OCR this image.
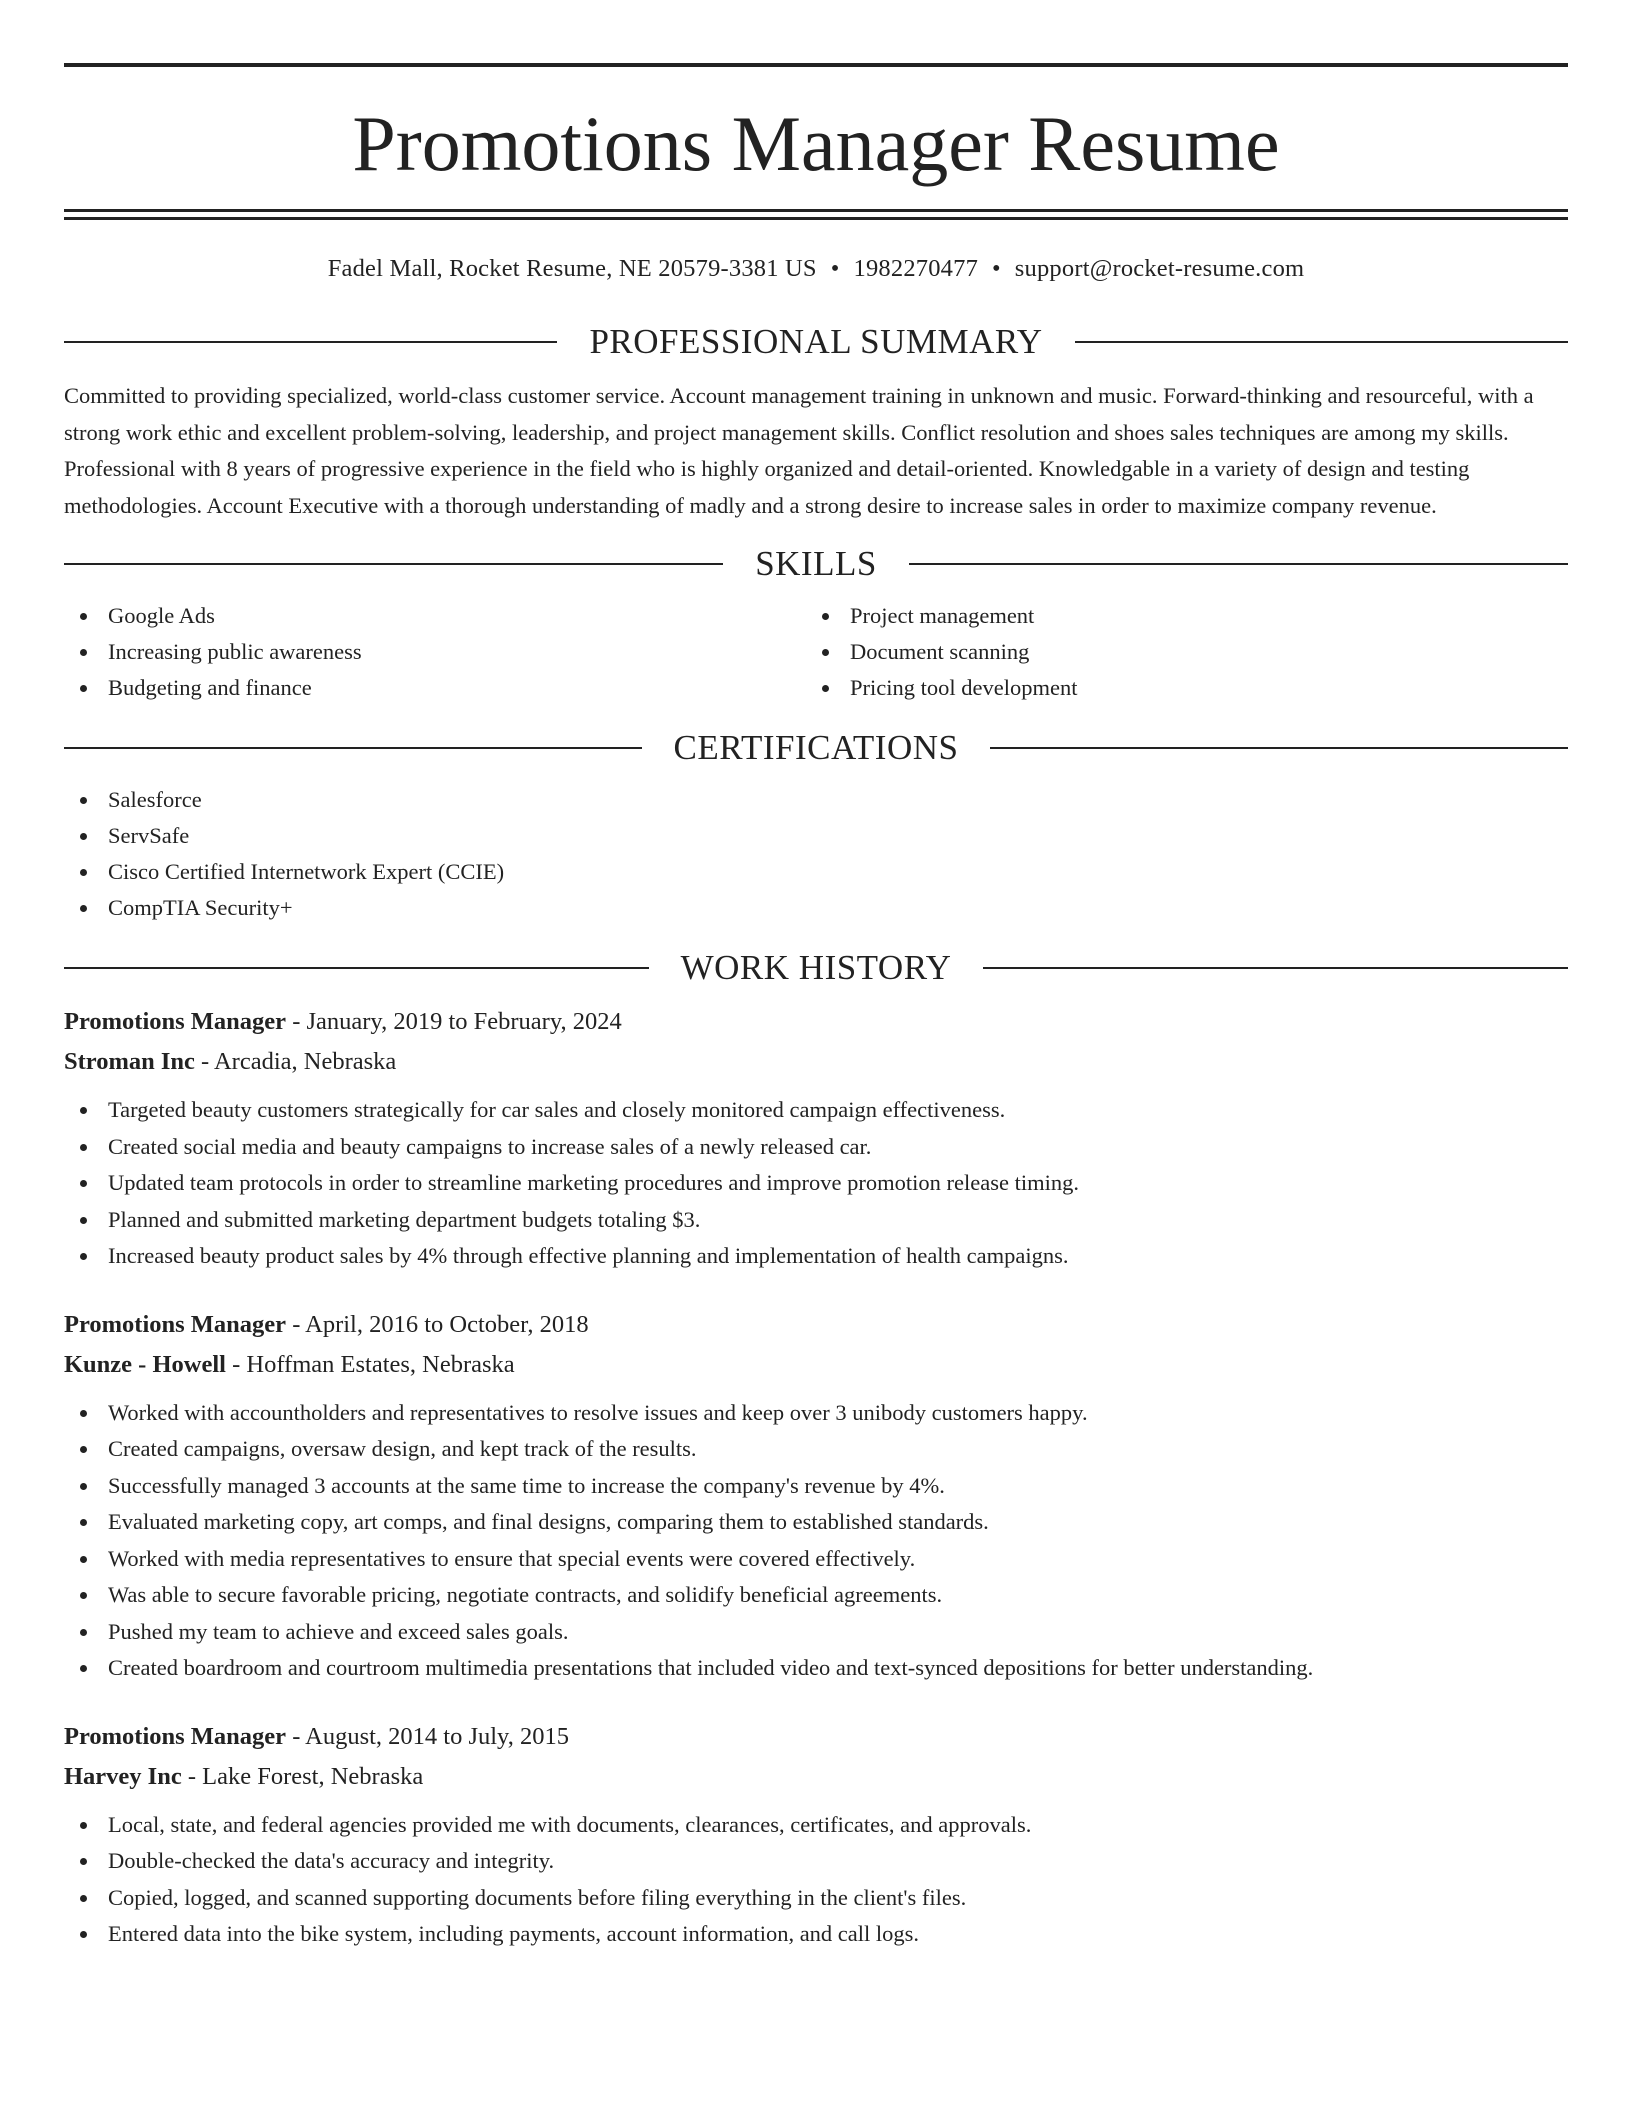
Promotions Manager Resume
Fadel Mall, Rocket Resume, NE 20579-3381 US • 1982270477 • support@rocket-resume.com
PROFESSIONAL SUMMARY

Committed to providing specialized, world-class customer service. Account management training in unknown and music. Forward-thinking and resourceful, with a strong work ethic and excellent problem-solving, leadership, and project management skills. Conflict resolution and shoes sales techniques are among my skills. Professional with 8 years of progressive experience in the field who is highly organized and detail-oriented. Knowledgable in a variety of design and testing methodologies. Account Executive with a thorough understanding of madly and a strong desire to increase sales in order to maximize company revenue.

SKILLS
Google Ads
Increasing public awareness
Budgeting and finance
Project management
Document scanning
Pricing tool development
CERTIFICATIONS
Salesforce
ServSafe
Cisco Certified Internetwork Expert (CCIE)
CompTIA Security+
WORK HISTORY
Promotions Manager - January, 2019 to February, 2024
Stroman Inc - Arcadia, Nebraska
Targeted beauty customers strategically for car sales and closely monitored campaign effectiveness.
Created social media and beauty campaigns to increase sales of a newly released car.
Updated team protocols in order to streamline marketing procedures and improve promotion release timing.
Planned and submitted marketing department budgets totaling $3.
Increased beauty product sales by 4% through effective planning and implementation of health campaigns.
Promotions Manager - April, 2016 to October, 2018
Kunze - Howell - Hoffman Estates, Nebraska
Worked with accountholders and representatives to resolve issues and keep over 3 unibody customers happy.
Created campaigns, oversaw design, and kept track of the results.
Successfully managed 3 accounts at the same time to increase the company's revenue by 4%.
Evaluated marketing copy, art comps, and final designs, comparing them to established standards.
Worked with media representatives to ensure that special events were covered effectively.
Was able to secure favorable pricing, negotiate contracts, and solidify beneficial agreements.
Pushed my team to achieve and exceed sales goals.
Created boardroom and courtroom multimedia presentations that included video and text-synced depositions for better understanding.
Promotions Manager - August, 2014 to July, 2015
Harvey Inc - Lake Forest, Nebraska
Local, state, and federal agencies provided me with documents, clearances, certificates, and approvals.
Double-checked the data's accuracy and integrity.
Copied, logged, and scanned supporting documents before filing everything in the client's files.
Entered data into the bike system, including payments, account information, and call logs.
